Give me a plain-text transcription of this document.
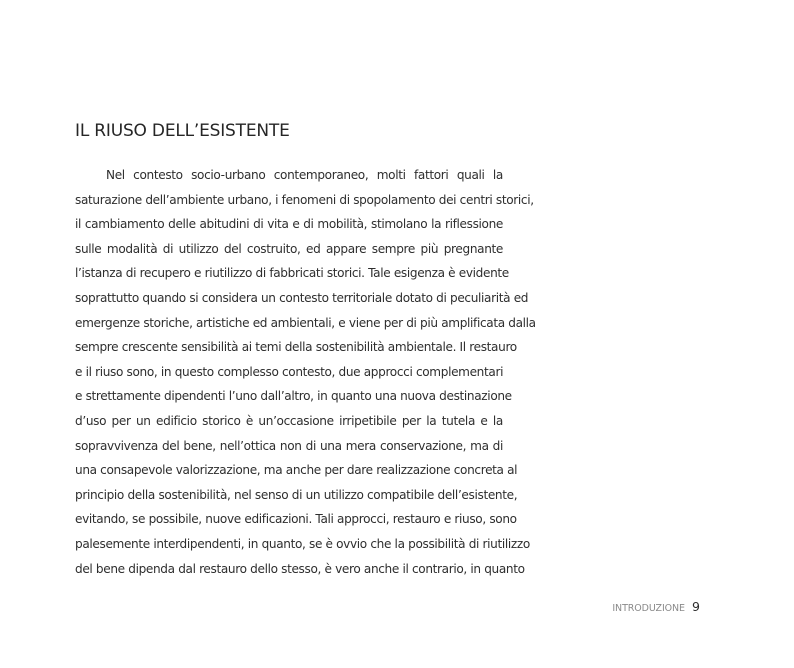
IL RIUSO DELL’ESISTENTE
Nel contesto socio-urbano contemporaneo, molti fattori quali la
saturazione dell’ambiente urbano, i fenomeni di spopolamento dei centri storici,
il cambiamento delle abitudini di vita e di mobilità, stimolano la riflessione
sulle modalità di utilizzo del costruito, ed appare sempre più pregnante
l’istanza di recupero e riutilizzo di fabbricati storici. Tale esigenza è evidente
soprattutto quando si considera un contesto territoriale dotato di peculiarità ed
emergenze storiche, artistiche ed ambientali, e viene per di più amplificata dalla
sempre crescente sensibilità ai temi della sostenibilità ambientale. Il restauro
e il riuso sono, in questo complesso contesto, due approcci complementari
e strettamente dipendenti l’uno dall’altro, in quanto una nuova destinazione
d’uso per un edificio storico è un’occasione irripetibile per la tutela e la
sopravvivenza del bene, nell’ottica non di una mera conservazione, ma di
una consapevole valorizzazione, ma anche per dare realizzazione concreta al
principio della sostenibilità, nel senso di un utilizzo compatibile dell’esistente,
evitando, se possibile, nuove edificazioni. Tali approcci, restauro e riuso, sono
palesemente interdipendenti, in quanto, se è ovvio che la possibilità di riutilizzo
del bene dipenda dal restauro dello stesso, è vero anche il contrario, in quanto
INTRODUZIONE 9
